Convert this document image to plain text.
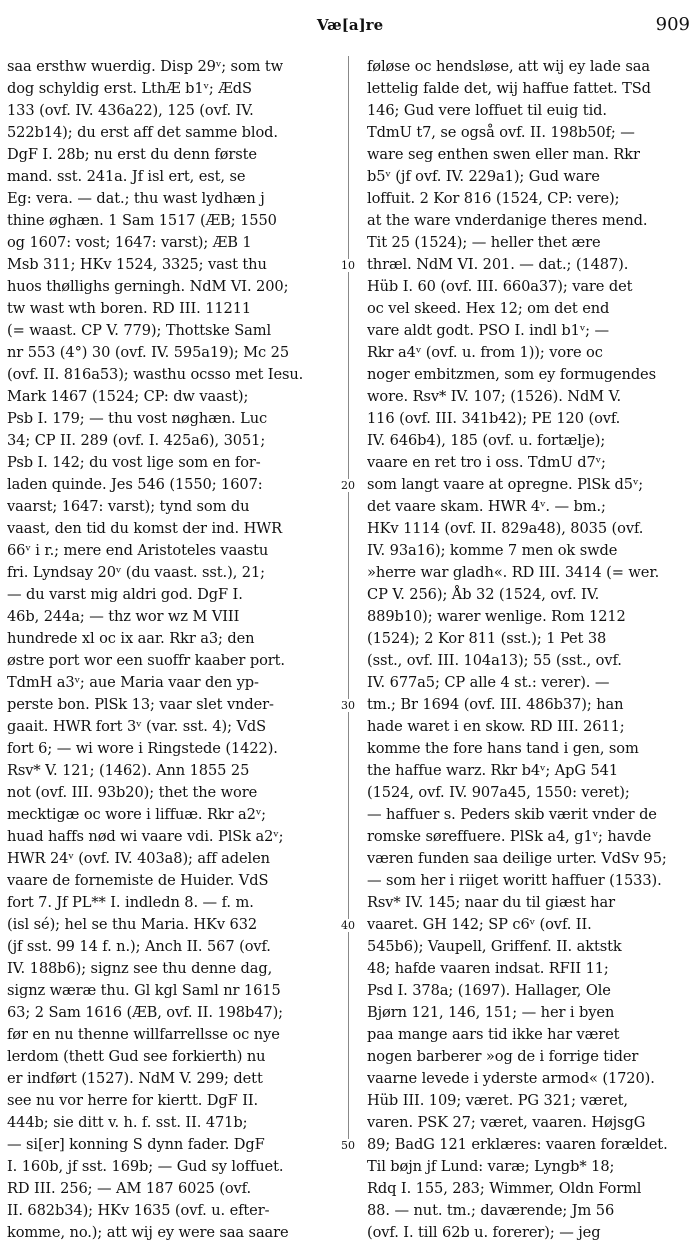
Væ[a]re	909
saa ersthw wuerdig. Disp 29ᵛ; som tw
dog schyldig erst. LthÆ b1ᵛ; ÆdS
133 (ovf. IV. 436a22), 125 (ovf. IV.
522b14); du erst aff det samme blod.
DgF I. 28b; nu erst du denn første
mand. sst. 241a. Jf isl ert, est, se
Eg: vera. — dat.; thu wast lydhæn j
thine øghæn. 1 Sam 1517 (ÆB; 1550
og 1607: vost; 1647: varst); ÆB 1
Msb 311; HKv 1524, 3325; vast thu
huos thøllighs gerningh. NdM VI. 200;
tw wast wth boren. RD III. 11211
(= waast. CP V. 779); Thottske Saml
nr 553 (4°) 30 (ovf. IV. 595a19); Mc 25
(ovf. II. 816a53); wasthu ocsso met Iesu.
Mark 1467 (1524; CP: dw vaast);
Psb I. 179; — thu vost nøghæn. Luc
34; CP II. 289 (ovf. I. 425a6), 3051;
Psb I. 142; du vost lige som en for-
laden quinde. Jes 546 (1550; 1607:
vaarst; 1647: varst); tynd som du
vaast, den tid du komst der ind. HWR
66ᵛ i r.; mere end Aristoteles vaastu
fri. Lyndsay 20ᵛ (du vaast. sst.), 21;
— du varst mig aldri god. DgF I.
46b, 244a; — thz wor wz M VIII
hundrede xl oc ix aar. Rkr a3; den
østre port wor een suoffr kaaber port.
TdmH a3ᵛ; aue Maria vaar den yp-
perste bon. PlSk 13; vaar slet vnder-
gaait. HWR fort 3ᵛ (var. sst. 4); VdS
fort 6; — wi wore i Ringstede (1422).
Rsv* V. 121; (1462). Ann 1855 25
not (ovf. III. 93b20); thet the wore
mecktigæ oc wore i liffuæ. Rkr a2ᵛ;
huad haffs nød wi vaare vdi. PlSk a2ᵛ;
HWR 24ᵛ (ovf. IV. 403a8); aff adelen
vaare de fornemiste de Huider. VdS
fort 7. Jf PL** I. indledn 8. — f. m.
(isl sé); hel se thu Maria. HKv 632
(jf sst. 99 14 f. n.); Anch II. 567 (ovf.
IV. 188b6); signz see thu denne dag,
signz wæræ thu. Gl kgl Saml nr 1615
63; 2 Sam 1616 (ÆB, ovf. II. 198b47);
før en nu thenne willfarrellsse oc nye
lerdom (thett Gud see forkierth) nu
er indført (1527). NdM V. 299; dett
see nu vor herre for kiertt. DgF II.
444b; sie ditt v. h. f. sst. II. 471b;
— si[er] konning S dynn fader. DgF
I. 160b, jf sst. 169b; — Gud sy loffuet.
RD III. 256; — AM 187 6025 (ovf.
II. 682b34); HKv 1635 (ovf. u. efter-
komme, no.); att wij ey were saa saare
10
20
30
40
50
føløse oc hendsløse, att wij ey lade saa
lettelig falde det, wij haffue fattet. TSd
146; Gud vere loffuet til euig tid.
TdmU t7, se også ovf. II. 198b50f; —
ware seg enthen swen eller man. Rkr
b5ᵛ (jf ovf. IV. 229a1); Gud ware
loffuit. 2 Kor 816 (1524, CP: vere);
at the ware vnderdanige theres mend.
Tit 25 (1524); — heller thet ære
thræl. NdM VI. 201. — dat.; (1487).
Hüb I. 60 (ovf. III. 660a37); vare det
oc vel skeed. Hex 12; om det end
vare aldt godt. PSO I. indl b1ᵛ; —
Rkr a4ᵛ (ovf. u. from 1)); vore oc
noger embitzmen, som ey formugendes
wore. Rsv* IV. 107; (1526). NdM V.
116 (ovf. III. 341b42); PE 120 (ovf.
IV. 646b4), 185 (ovf. u. fortælje);
vaare en ret tro i oss. TdmU d7ᵛ;
som langt vaare at opregne. PlSk d5ᵛ;
det vaare skam. HWR 4ᵛ. — bm.;
HKv 1114 (ovf. II. 829a48), 8035 (ovf.
IV. 93a16); komme 7 men ok swde
»herre war gladh«. RD III. 3414 (= wer.
CP V. 256); Åb 32 (1524, ovf. IV.
889b10); warer wenlige. Rom 1212
(1524); 2 Kor 811 (sst.); 1 Pet 38
(sst., ovf. III. 104a13); 55 (sst., ovf.
IV. 677a5; CP alle 4 st.: verer). —
tm.; Br 1694 (ovf. III. 486b37); han
hade waret i en skow. RD III. 2611;
komme the fore hans tand i gen, som
the haffue warz. Rkr b4ᵛ; ApG 541
(1524, ovf. IV. 907a45, 1550: veret);
— haffuer s. Peders skib værit vnder de
romske søreffuere. PlSk a4, g1ᵛ; havde
væren funden saa deilige urter. VdSv 95;
— som her i riiget woritt haffuer (1533).
Rsv* IV. 145; naar du til giæst har
vaaret. GH 142; SP c6ᵛ (ovf. II.
545b6); Vaupell, Griffenf. II. aktstk
48; hafde vaaren indsat. RFII 11;
Psd I. 378a; (1697). Hallager, Ole
Bjørn 121, 146, 151; — her i byen
paa mange aars tid ikke har været
nogen barberer »og de i forrige tider
vaarne levede i yderste armod« (1720).
Hüb III. 109; været. PG 321; været,
varen. PSK 27; været, vaaren. HøjsgG
89; BadG 121 erklæres: vaaren forældet.
Til bøjn jf Lund: varæ; Lyngb* 18;
Rdq I. 155, 283; Wimmer, Oldn Forml
88. — nut. tm.; daværende; Jm 56
(ovf. I. till 62b u. forerer); — jeg
